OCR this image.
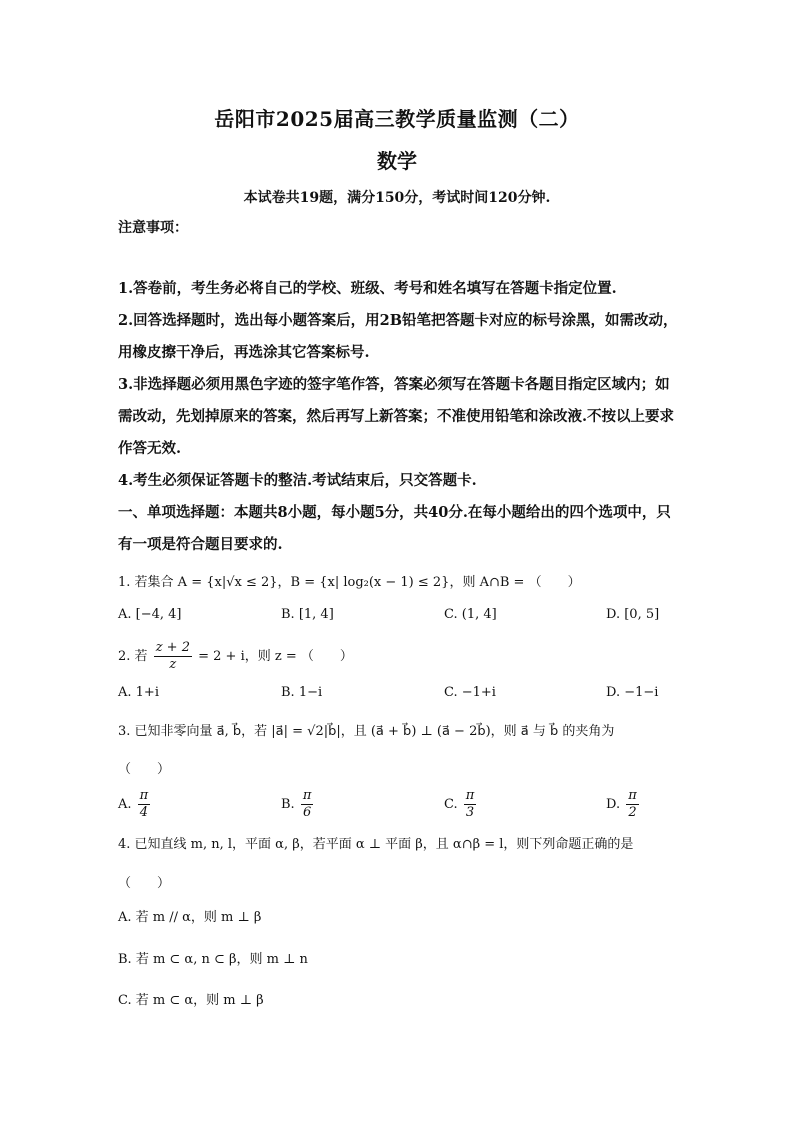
岳阳市2025届高三教学质量监测（二）
数学
本试卷共19题，满分150分，考试时间120分钟.
注意事项：
1.答卷前，考生务必将自己的学校、班级、考号和姓名填写在答题卡指定位置.
2.回答选择题时，选出每小题答案后，用2B铅笔把答题卡对应的标号涂黑，如需改动，用橡皮擦干净后，再选涂其它答案标号.
3.非选择题必须用黑色字迹的签字笔作答，答案必须写在答题卡各题目指定区域内；如需改动，先划掉原来的答案，然后再写上新答案；不准使用铅笔和涂改液.不按以上要求作答无效.
4.考生必须保证答题卡的整洁.考试结束后，只交答题卡.
一、单项选择题：本题共8小题，每小题5分，共40分.在每小题给出的四个选项中，只有一项是符合题目要求的.
1. 若集合 A = {x|√x ≤ 2}，B = {x| log₂(x − 1) ≤ 2}，则 A∩B = （　　）
A. [−4, 4]	B. [1, 4]	C. (1, 4]	D. [0, 5]
2. 若 $\frac{z + 2}{z} = 2 + i$，则 z = （　　）
A. 1+i	B. 1−i	C. −1+i	D. −1−i
3. 已知非零向量 a⃗, b⃗，若 |a⃗| = √2|b⃗|，且 (a⃗ + b⃗) ⊥ (a⃗ − 2b⃗)，则 a⃗ 与 b⃗ 的夹角为
（　　）
A. $\frac{\pi}{4}$	B. $\frac{\pi}{6}$	C. $\frac{\pi}{3}$	D. $\frac{\pi}{2}$
4. 已知直线 m, n, l，平面 α, β，若平面 α ⊥ 平面 β，且 α∩β = l，则下列命题正确的是
（　　）
A. 若 m // α，则 m ⊥ β
B. 若 m ⊂ α, n ⊂ β，则 m ⊥ n
C. 若 m ⊂ α，则 m ⊥ β
